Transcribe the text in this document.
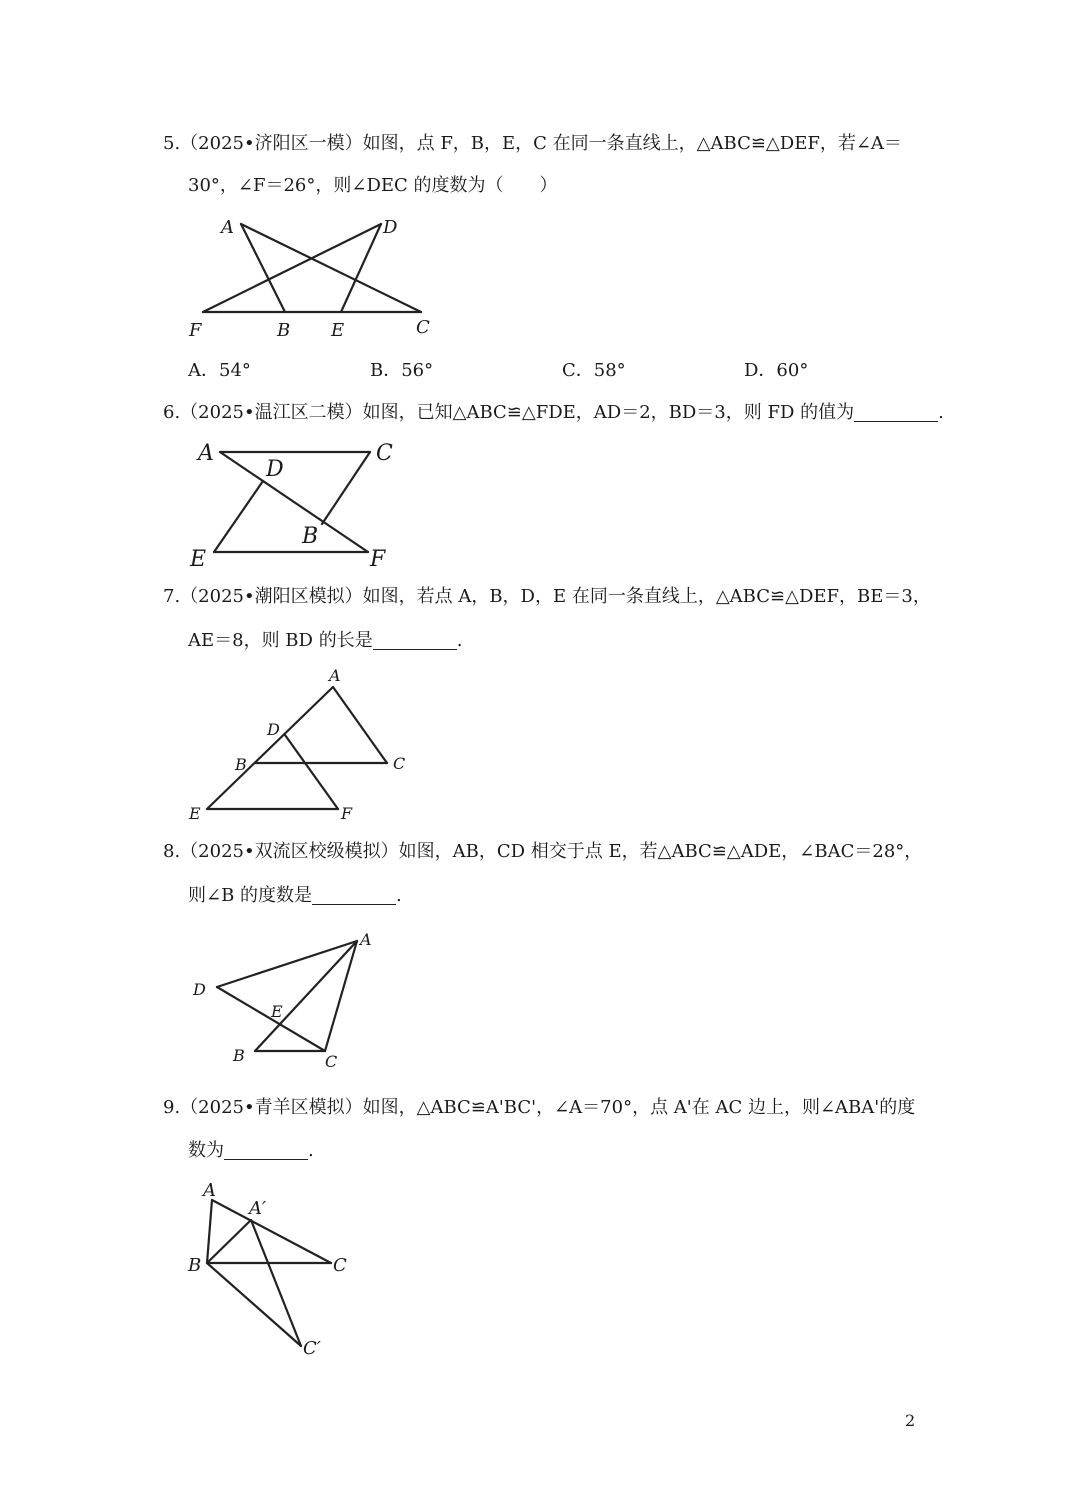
5.（2025•济阳区一模）如图，点 F，B，E，C 在同一条直线上，△ABC≌△DEF，若∠A＝
30°，∠F＝26°，则∠DEC 的度数为（　　）
A	D
F	B E	C
A．54°	B．56°	C．58°	D．60°
6.（2025•温江区二模）如图，已知△ABC≌△FDE，AD＝2，BD＝3，则 FD 的值为	.
A	C
D
B
E	F
7.（2025•潮阳区模拟）如图，若点 A，B，D，E 在同一条直线上，△ABC≌△DEF，BE＝3，
AE＝8，则 BD 的长是	.
A
D
B	C
E	F
8.（2025•双流区校级模拟）如图，AB，CD 相交于点 E，若△ABC≌△ADE，∠BAC＝28°，
则∠B 的度数是	.
A
D
E
B	C
9.（2025•青羊区模拟）如图，△ABC≌A'BC'，∠A＝70°，点 A'在 AC 边上，则∠ABA'的度
数为	.
A
A′
B	C
C′
2
